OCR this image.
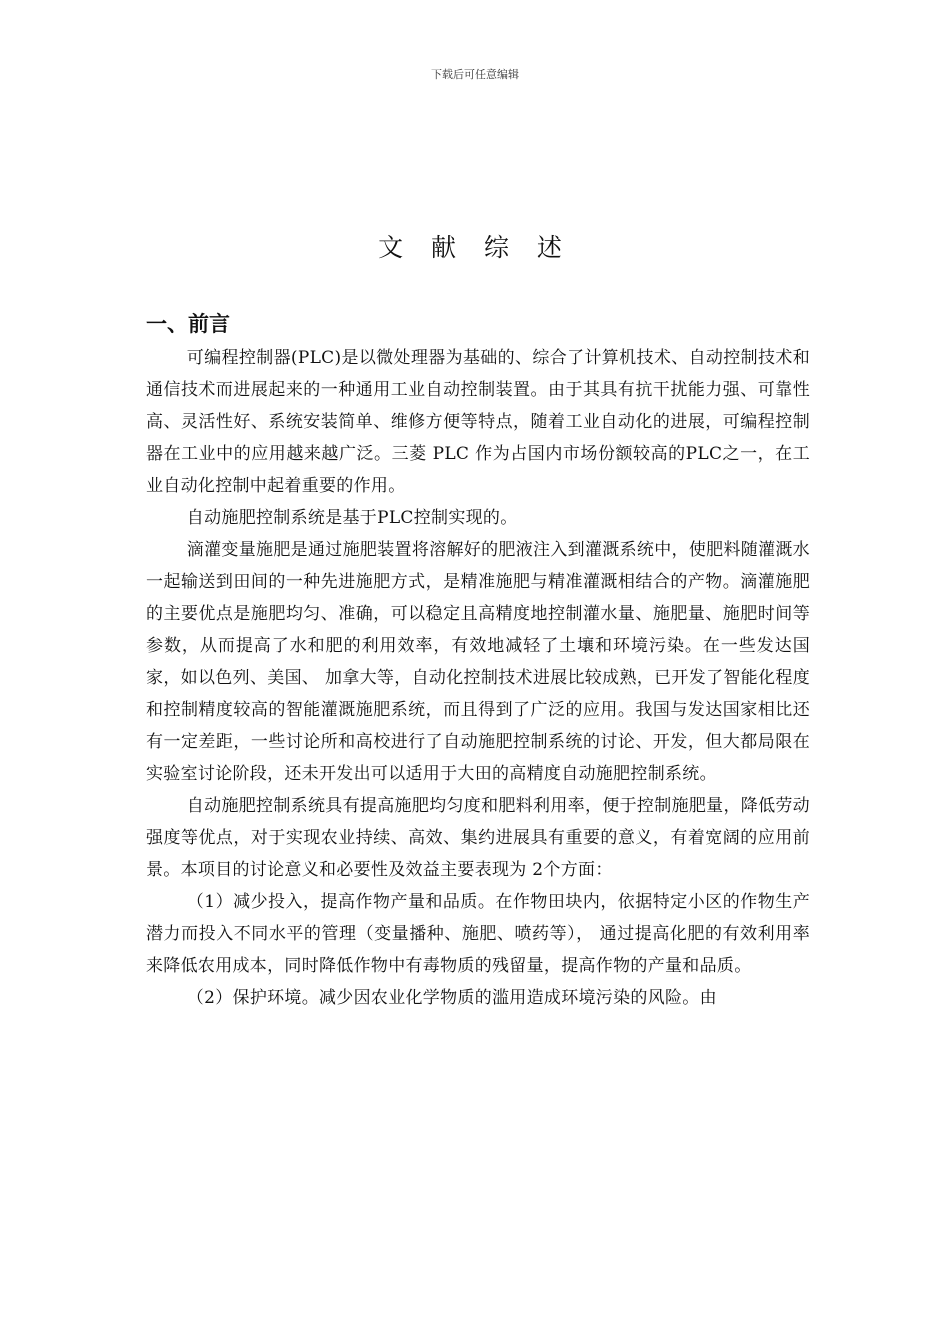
下载后可任意编辑
文 献 综 述
一、前言

可编程控制器(PLC)是以微处理器为基础的、综合了计算机技术、自动控制技术和通信技术而进展起来的一种通用工业自动控制装置。由于其具有抗干扰能力强、可靠性高、灵活性好、系统安装简单、维修方便等特点，随着工业自动化的进展，可编程控制器在工业中的应用越来越广泛。三菱 PLC 作为占国内市场份额较高的PLC之一，在工业自动化控制中起着重要的作用。

自动施肥控制系统是基于PLC控制实现的。

滴灌变量施肥是通过施肥装置将溶解好的肥液注入到灌溉系统中，使肥料随灌溉水一起输送到田间的一种先进施肥方式，是精准施肥与精准灌溉相结合的产物。滴灌施肥的主要优点是施肥均匀、准确，可以稳定且高精度地控制灌水量、施肥量、施肥时间等参数，从而提高了水和肥的利用效率，有效地减轻了土壤和环境污染。在一些发达国家，如以色列、美国、 加拿大等，自动化控制技术进展比较成熟，已开发了智能化程度和控制精度较高的智能灌溉施肥系统，而且得到了广泛的应用。我国与发达国家相比还有一定差距，一些讨论所和高校进行了自动施肥控制系统的讨论、开发，但大都局限在实验室讨论阶段，还未开发出可以适用于大田的高精度自动施肥控制系统。

自动施肥控制系统具有提高施肥均匀度和肥料利用率，便于控制施肥量，降低劳动强度等优点，对于实现农业持续、高效、集约进展具有重要的意义，有着宽阔的应用前景。本项目的讨论意义和必要性及效益主要表现为 2个方面：

（1）减少投入，提高作物产量和品质。在作物田块内，依据特定小区的作物生产潜力而投入不同水平的管理（变量播种、施肥、喷药等）， 通过提高化肥的有效利用率来降低农用成本，同时降低作物中有毒物质的残留量，提高作物的产量和品质。

（2）保护环境。减少因农业化学物质的滥用造成环境污染的风险。由
